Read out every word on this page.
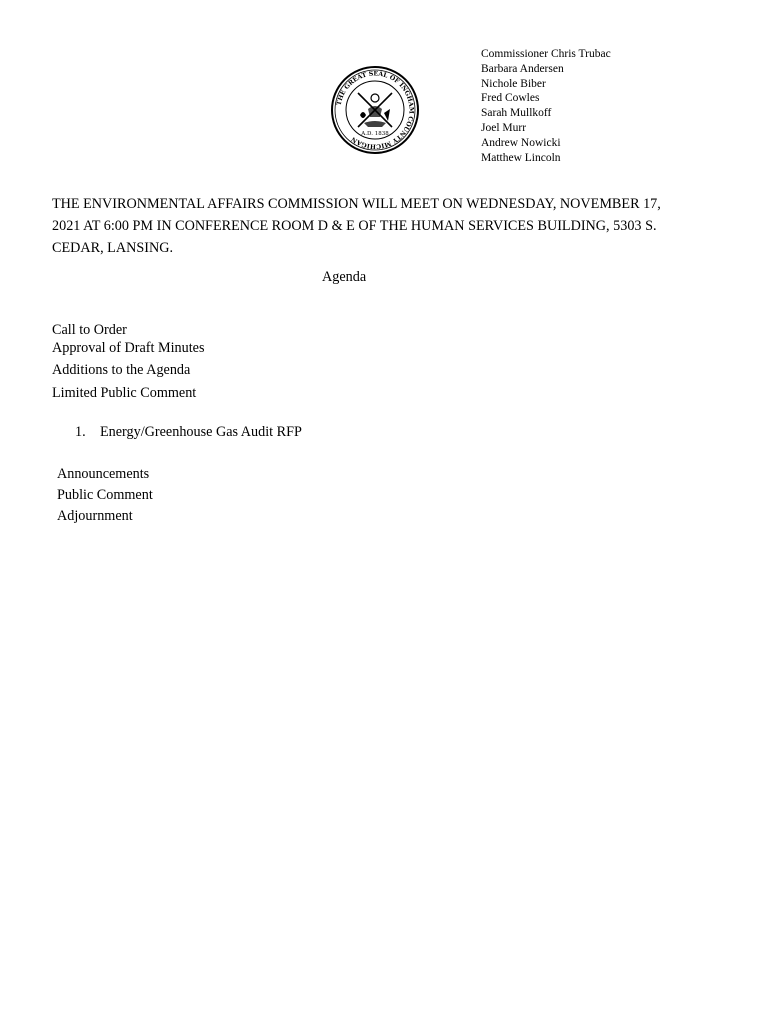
THE GREAT SEAL OF INGHAM COUNTY MICHIGAN
A.D. 1838
Commissioner Chris Trubac
Barbara Andersen
Nichole Biber
Fred Cowles
Sarah Mullkoff
Joel Murr
Andrew Nowicki
Matthew Lincoln
THE ENVIRONMENTAL AFFAIRS COMMISSION WILL MEET ON WEDNESDAY, NOVEMBER 17,
2021 AT 6:00 PM IN CONFERENCE ROOM D & E OF THE HUMAN SERVICES BUILDING, 5303 S.
CEDAR, LANSING.
Agenda
Call to Order
Approval of Draft Minutes
Additions to the Agenda
Limited Public Comment
1. Energy/Greenhouse Gas Audit RFP
Announcements
Public Comment
Adjournment
